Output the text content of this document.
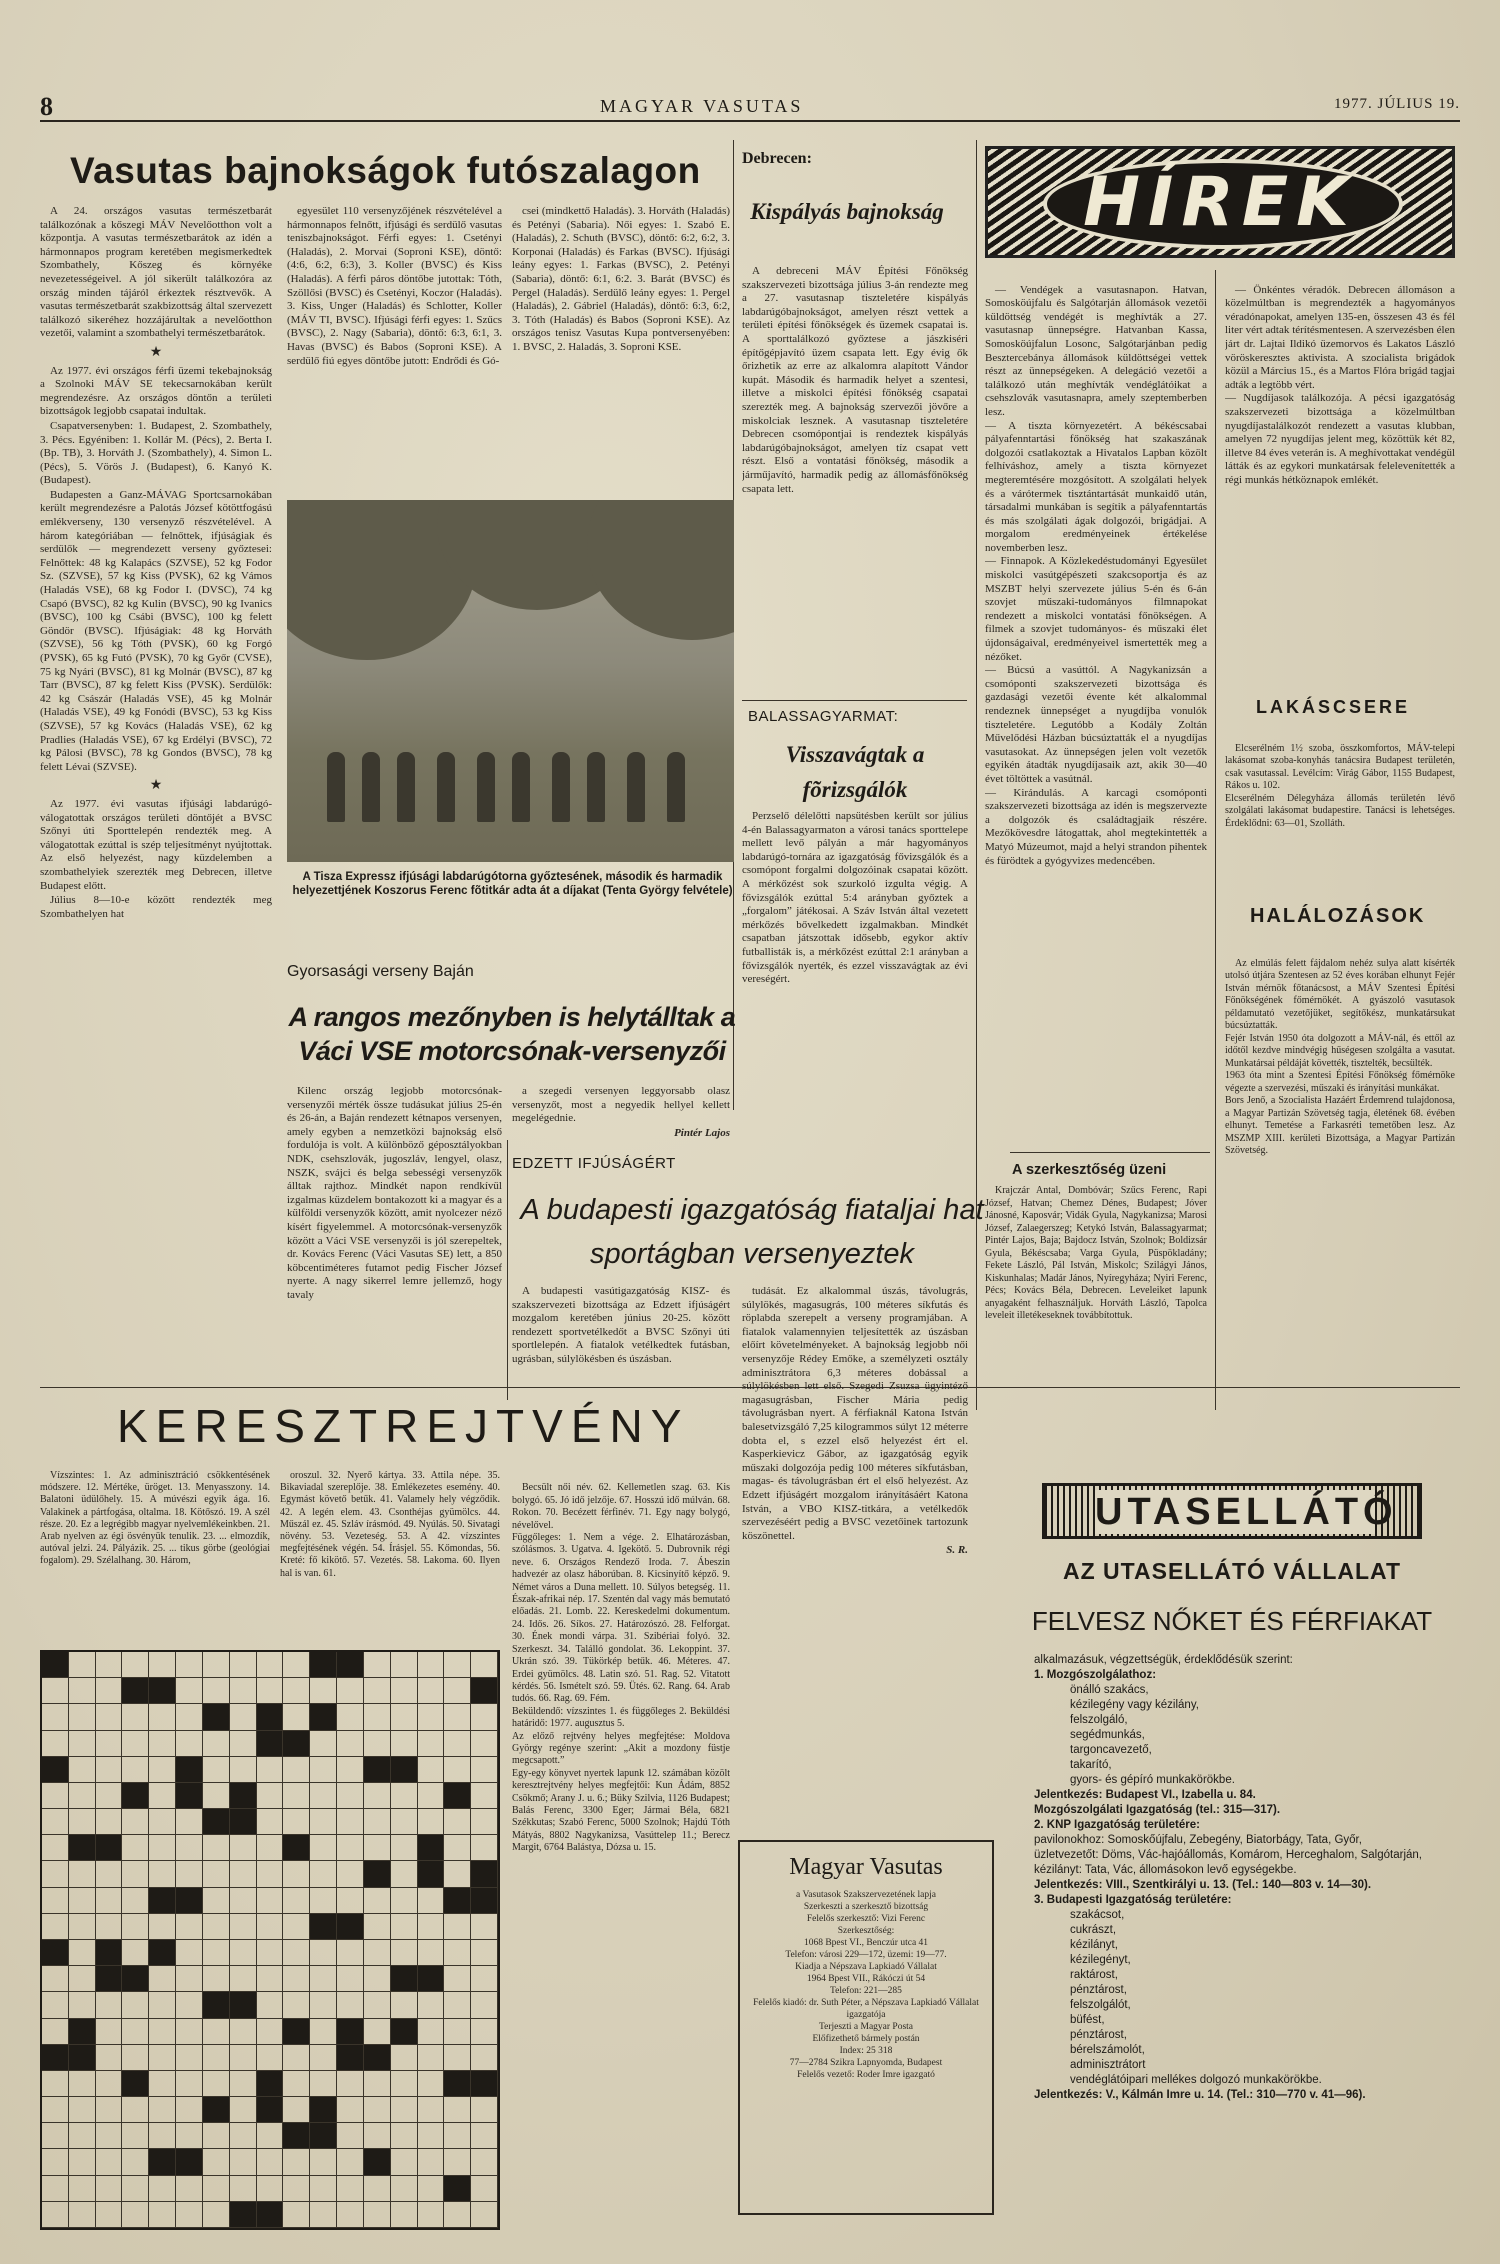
8	MAGYAR VASUTAS	1977. JÚLIUS 19.
Vasutas bajnokságok futószalagon

A 24. országos vasutas természetbarát találkozónak a kőszegi MÁV Nevelőotthon volt a központja. A vasutas természetbarátok az idén a hármonnapos program keretében megismerkedtek Szombathely, Kőszeg és környéke nevezetességeivel. A jól sikerült találkozóra az ország minden tájáról érkeztek résztvevők. A vasutas természetbarát szakbizottság által szervezett találkozó sikeréhez hozzájárultak a nevelőotthon vezetői, valamint a szombathelyi természetbarátok.

★

Az 1977. évi országos férfi üzemi tekebajnokság a Szolnoki MÁV SE tekecsarnokában került megrendezésre. Az országos döntőn a területi bizottságok legjobb csapatai indultak.

Csapatversenyben: 1. Budapest, 2. Szombathely, 3. Pécs. Egyéniben: 1. Kollár M. (Pécs), 2. Berta I. (Bp. TB), 3. Horváth J. (Szombathely), 4. Simon L. (Pécs), 5. Vörös J. (Budapest), 6. Kanyó K. (Budapest).

Budapesten a Ganz-MÁVAG Sportcsarnokában került megrendezésre a Palotás József kötöttfogású emlékverseny, 130 versenyző részvételével. A három kategóriában — felnőttek, ifjúságiak és serdülők — megrendezett verseny győztesei: Felnőttek: 48 kg Kalapács (SZVSE), 52 kg Fodor Sz. (SZVSE), 57 kg Kiss (PVSK), 62 kg Vámos (Haladás VSE), 68 kg Fodor I. (DVSC), 74 kg Csapó (BVSC), 82 kg Kulin (BVSC), 90 kg Ivanics (BVSC), 100 kg Csábi (BVSC), 100 kg felett Göndör (BVSC). Ifjúságiak: 48 kg Horváth (SZVSE), 56 kg Tóth (PVSK), 60 kg Forgó (PVSK), 65 kg Futó (PVSK), 70 kg Győr (CVSE), 75 kg Nyári (BVSC), 81 kg Molnár (BVSC), 87 kg Tarr (BVSC), 87 kg felett Kiss (PVSK). Serdülők: 42 kg Császár (Haladás VSE), 45 kg Molnár (Haladás VSE), 49 kg Fonódi (BVSC), 53 kg Kiss (SZVSE), 57 kg Kovács (Haladás VSE), 62 kg Pradlies (Haladás VSE), 67 kg Erdélyi (BVSC), 72 kg Pálosi (BVSC), 78 kg Gondos (BVSC), 78 kg felett Lévai (SZVSE).

★

Az 1977. évi vasutas ifjúsági labdarúgó-válogatottak országos területi döntőjét a BVSC Szőnyi úti Sporttelepén rendezték meg. A válogatottak ezúttal is szép teljesítményt nyújtottak. Az első helyezést, nagy küzdelemben a szombathelyiek szerezték meg Debrecen, illetve Budapest előtt.

Július 8—10-e között rendezték meg Szombathelyen hat

egyesület 110 versenyzőjének részvételével a hármonnapos felnőtt, ifjúsági és serdülő vasutas teniszbajnokságot. Férfi egyes: 1. Csetényi (Haladás), 2. Morvai (Soproni KSE), döntő: (4:6, 6:2, 6:3), 3. Koller (BVSC) és Kiss (Haladás). A férfi páros döntőbe jutottak: Tóth, Szöllősi (BVSC) és Csetényi, Koczor (Haladás). 3. Kiss, Unger (Haladás) és Schlotter, Koller (MÁV TI, BVSC). Ifjúsági férfi egyes: 1. Szűcs (BVSC), 2. Nagy (Sabaria), döntő: 6:3, 6:1, 3. Havas (BVSC) és Babos (Soproni KSE). A serdülő fiú egyes döntőbe jutott: Endrődi és Gó-

csei (mindkettő Haladás). 3. Horváth (Haladás) és Petényi (Sabaria). Női egyes: 1. Szabó E. (Haladás), 2. Schuth (BVSC), döntő: 6:2, 6:2, 3. Korponai (Haladás) és Farkas (BVSC). Ifjúsági leány egyes: 1. Farkas (BVSC), 2. Petényi (Sabaria), döntő: 6:1, 6:2. 3. Barát (BVSC) és Pergel (Haladás). Serdülő leány egyes: 1. Pergel (Haladás), 2. Gábriel (Haladás), döntő: 6:3, 6:2, 3. Tóth (Haladás) és Babos (Soproni KSE). Az országos tenisz Vasutas Kupa pontversenyében: 1. BVSC, 2. Haladás, 3. Soproni KSE.

A Tisza Expressz ifjúsági labdarúgótorna győztesének, második és harmadik helyezettjének Koszorus Ferenc fõtitkár adta át a díjakat (Tenta György felvétele)
Gyorsasági verseny Baján
A rangos mezőnyben is helytálltak a Váci VSE motorcsónak-versenyzői

Kilenc ország legjobb motorcsónak-versenyzői mérték össze tudásukat július 25-én és 26-án, a Baján rendezett kétnapos versenyen, amely egyben a nemzetközi bajnokság első fordulója is volt. A különböző géposztályokban NDK, csehszlovák, jugoszláv, lengyel, olasz, NSZK, svájci és belga sebességi versenyzők álltak rajthoz. Mindkét napon rendkívül izgalmas küzdelem bontakozott ki a magyar és a külföldi versenyzők között, amit nyolcezer néző kísért figyelemmel. A motorcsónak-versenyzők között a Váci VSE versenyzői is jól szerepeltek, dr. Kovács Ferenc (Váci Vasutas SE) lett, a 850 köbcentiméteres futamot pedig Fischer József nyerte. A nagy sikerrel lemre jellemző, hogy tavaly

a szegedi versenyen leggyorsabb olasz versenyzőt, most a negyedik hellyel kellett megelégednie.

Pintér Lajos
EDZETT IFJÚSÁGÉRT
A budapesti igazgatóság fiataljai hat sportágban versenyeztek

A budapesti vasútigazgatóság KISZ- és szakszervezeti bizottsága az Edzett ifjúságért mozgalom keretében június 20-25. között rendezett sportvetélkedőt a BVSC Szőnyi úti sportlelepén. A fiatalok vetélkedtek futásban, ugrásban, súlylökésben és úszásban.

tudását. Ez alkalommal úszás, távolugrás, súlylökés, magasugrás, 100 méteres síkfutás és röplabda szerepelt a verseny programjában. A fiatalok valamennyien teljesítették az úszásban előírt követelményeket. A bajnokság legjobb női versenyzője Rédey Emőke, a személyzeti osztály adminisztrátora 6,3 méteres dobással a súlylökésben lett első. Szegedi Zsuzsa ügyintéző magasugrásban, Fischer Mária pedig távolugrásban nyert. A férfiaknál Katona István balesetvizsgáló 7,25 kilogrammos súlyt 12 méterre dobta el, s ezzel első helyezést ért el. Kasperkievicz Gábor, az igazgatóság egyik műszaki dolgozója pedig 100 méteres síkfutásban, magas- és távolugrásban ért el első helyezést. Az Edzett ifjúságért mozgalom irányításáért Katona István, a VBO KISZ-titkára, a vetélkedők szervezéséért pedig a BVSC vezetőinek tartozunk köszönettel.

S. R.
Debrecen:
Kispályás bajnokság

A debreceni MÁV Építési Főnökség szakszervezeti bizottsága július 3-án rendezte meg a 27. vasutasnap tiszteletére kispályás labdarúgóbajnokságot, amelyen részt vettek a területi építési főnökségek és üzemek csapatai is. A sporttalálkozó győztese a jászkiséri építőgépjavító üzem csapata lett. Egy évig ők őrizhetik az erre az alkalomra alapított Vándor kupát. Második és harmadik helyet a szentesi, illetve a miskolci építési főnökség csapatai szerezték meg. A bajnokság szervezői jövőre a miskolciak lesznek. A vasutasnap tiszteletére Debrecen csomópontjai is rendeztek kispályás labdarúgóbajnokságot, amelyen tíz csapat vett részt. Első a vontatási főnökség, második a járműjavító, harmadik pedig az állomásfőnökség csapata lett.

BALASSAGYARMAT:
Visszavágtak a fõrizsgálók

Perzselő délelőtti napsütésben került sor július 4-én Balassagyarmaton a városi tanács sporttelepe mellett levő pályán a már hagyományos labdarúgó-tornára az igazgatóság fővizsgálók és a csomópont forgalmi dolgozóinak csapatai között. A mérkőzést sok szurkoló izgulta végig. A fővizsgálók ezúttal 5:4 arányban győztek a „forgalom” játékosai. A Száv István által vezetett mérkőzés bővelkedett izgalmakban. Mindkét csapatban játszottak idősebb, egykor aktív futballisták is, a mérkőzést ezúttal 2:1 arányban a fővizsgálók nyerték, és ezzel visszavágtak az évi vereségért.

HÍREK

— Vendégek a vasutasnapon. Hatvan, Somosköújfalu és Salgótarján állomások vezetői küldöttség vendégét is meghívták a 27. vasutasnap ünnepségre. Hatvanban Kassa, Somosköújfalun Losonc, Salgótarjánban pedig Besztercebánya állomások küldöttségei vettek részt az ünnepségeken. A delegáció vezetői a találkozó után meghívták vendéglátóikat a csehszlovák vasutasnapra, amely szeptemberben lesz.
— A tiszta környezetért. A békéscsabai pályafenntartási főnökség hat szakaszának dolgozói csatlakoztak a Hivatalos Lapban közölt felhíváshoz, amely a tiszta környezet megteremtésére mozgósított. A szolgálati helyek és a várótermek tisztántartását munkaidő után, társadalmi munkában is segítik a pályafenntartás és más szolgálati ágak dolgozói, brigádjai. A morgalom eredményeinek értékelése novemberben lesz.
— Finnapok. A Közlekedéstudományi Egyesület miskolci vasútgépészeti szakcsoportja és az MSZBT helyi szervezete július 5-én és 6-án szovjet műszaki-tudományos filmnapokat rendezett a miskolci vontatási főnökségen. A filmek a szovjet tudományos- és műszaki élet újdonságaival, eredményeivel ismertették meg a nézőket.
— Búcsú a vasúttól. A Nagykanizsán a csomóponti szakszervezeti bizottsága és gazdasági vezetői évente két alkalommal rendeznek ünnepséget a nyugdíjba vonulók tiszteletére. Legutóbb a Kodály Zoltán Művelődési Házban búcsúztatták el a nyugdíjas vasutasokat. Az ünnepségen jelen volt vezetők egyikén átadták nyugdíjasaik azt, akik 30—40 évet töltöttek a vasútnál.
— Kirándulás. A karcagi csomóponti szakszervezeti bizottsága az idén is megszervezte a dolgozók és családtagjaik részére. Mezőkövesdre látogattak, ahol megtekintették a Matyó Múzeumot, majd a helyi strandon pihentek és fürödtek a gyógyvizes medencében.

— Önkéntes véradók. Debrecen állomáson a közelmúltban is megrendezték a hagyományos véradónapokat, amelyen 135-en, összesen 43 és fél liter vért adtak térítésmentesen. A szervezésben élen járt dr. Lajtai Ildikó üzemorvos és Lakatos László vöröskeresztes aktivista. A szocialista brigádok közül a Március 15., és a Martos Flóra brigád tagjai adták a legtöbb vért.
— Nugdíjasok találkozója. A pécsi igazgatóság szakszervezeti bizottsága a közelmúltban nyugdíjastalálkozót rendezett a vasutas klubban, amelyen 72 nyugdíjas jelent meg, közöttük két 82, illetve 84 éves veterán is. A meghívottakat vendégül látták és az egykori munkatársak felelevenítették a régi munkás hétköznapok emlékét.

LAKÁSCSERE

Elcserélném 1½ szoba, összkomfortos, MÁV-telepi lakásomat szoba-konyhás tanácsira Budapest területén, csak vasutassal. Levélcím: Virág Gábor, 1155 Budapest, Rákos u. 102.
Elcserélném Délegyháza állomás területén lévő szolgálati lakásomat budapestire. Tanácsi is lehetséges. Érdeklődni: 63—01, Szolláth.

HALÁLOZÁSOK

Az elmúlás felett fájdalom nehéz sulya alatt kísérték utolsó útjára Szentesen az 52 éves korában elhunyt Fejér István mérnök főtanácsost, a MÁV Szentesi Építési Főnökségének főmérnökét. A gyászoló vasutasok példamutató vezetőjüket, segítőkész, munkatársukat búcsúztatták.
Fejér István 1950 óta dolgozott a MÁV-nál, és ettől az időtől kezdve mindvégig hűségesen szolgálta a vasutat. Munkatársai példáját követték, tisztelték, becsülték.
1963 óta mint a Szentesi Építési Főnökség főmérnöke végezte a szervezési, műszaki és irányítási munkákat.
Bors Jenő, a Szocialista Hazáért Érdemrend tulajdonosa, a Magyar Partizán Szövetség tagja, életének 68. évében elhunyt. Temetése a Farkasréti temetőben lesz. Az MSZMP XIII. kerületi Bizottsága, a Magyar Partizán Szövetség.

A szerkesztőség üzeni

Krajczár Antal, Dombóvár; Szűcs Ferenc, Rapi József, Hatvan; Chemez Dénes, Budapest; Jóver Jánosné, Kaposvár; Vidák Gyula, Nagykanizsa; Marosi József, Zalaegerszeg; Ketykó István, Balassagyarmat; Pintér Lajos, Baja; Bajdocz István, Szolnok; Boldizsár Gyula, Békéscsaba; Varga Gyula, Püspökladány; Fekete László, Pál István, Miskolc; Szilágyi János, Kiskunhalas; Madár János, Nyíregyháza; Nyiri Ferenc, Pécs; Kovács Béla, Debrecen. Leveleiket lapunk anyagaként felhasználjuk. Horváth László, Tapolca leveleit illetékeseknek továbbítottuk.

KERESZTREJTVÉNY

Vízszintes: 1. Az adminisztráció csökkentésének módszere. 12. Mértéke, üröget. 13. Menyasszony. 14. Balatoni üdülőhely. 15. A múvészi egyik ága. 16. Valakinek a pártfogása, oltalma. 18. Kötőszó. 19. A szél része. 20. Ez a legrégibb magyar nyelvemlékeinkben. 21. Arab nyelven az égi ösvényük tenulik. 23. ... elmozdík, autóval jelzi. 24. Pályázik. 25. ... tikus görbe (geológiai fogalom). 29. Szélalhang. 30. Három,

oroszul. 32. Nyerő kártya. 33. Attila népe. 35. Bikaviadal szereplője. 38. Emlékezetes esemény. 40. Egymást követő betűk. 41. Valamely hely végződik. 42. A legén elem. 43. Csonthéjas gyümölcs. 44. Műszál ez. 45. Szláv írásmód. 49. Nyúlás. 50. Sivatagi növény. 53. Vezeteség. 53. A 42. vízszintes megfejtésének végén. 54. Írásjel. 55. Kőmondas, 56. Kreté: fő kikötő. 57. Vezetés. 58. Lakoma. 60. Ilyen hal is van. 61.

Becsült női név. 62. Kellemetlen szag. 63. Kis bolygó. 65. Jó idő jelzője. 67. Hosszú idő múlván. 68. Rokon. 70. Becézett férfinév. 71. Egy nagy bolygó, névelővel.
Függőleges: 1. Nem a vége. 2. Elhatározásban, szólásmos. 3. Ugatva. 4. Igekötő. 5. Dubrovnik régi neve. 6. Országos Rendező Iroda. 7. Ábeszin hadvezér az olasz háborúban. 8. Kicsinyítő képző. 9. Német város a Duna mellett. 10. Súlyos betegség. 11. Észak-afrikai nép. 17. Szentén dal vagy más bemutató előadás. 21. Lomb. 22. Kereskedelmi dokumentum. 24. Idős. 26. Síkos. 27. Határozószó. 28. Felforgat. 30. Ének mondi várpa. 31. Szibériai folyó. 32. Szerkeszt. 34. Találló gondolat. 36. Lekoppint. 37. Ukrán szó. 39. Tükörkép betűk. 46. Méteres. 47. Erdei gyümölcs. 48. Latin szó. 51. Rag. 52. Vitatott kérdés. 56. Ismételt szó. 59. Ütés. 62. Rang. 64. Arab tudós. 66. Rag. 69. Fém.
Beküldendő: vízszintes 1. és függőleges 2. Beküldési határidő: 1977. augusztus 5.
Az előző rejtvény helyes megfejtése: Moldova György regénye szerint: „Akit a mozdony füstje megcsapott.”
Egy-egy könyvet nyertek lapunk 12. számában közölt keresztrejtvény helyes megfejtői: Kun Ádám, 8852 Csökmő; Arany J. u. 6.; Büky Szilvia, 1126 Budapest; Balás Ferenc, 3300 Eger; Jármai Béla, 6821 Székkutas; Szabó Ferenc, 5000 Szolnok; Hajdú Tóth Mátyás, 8802 Nagykanizsa, Vasúttelep 11.; Berecz Margit, 6764 Balástya, Dózsa u. 15.

Magyar Vasutas
a Vasutasok Szakszervezetének lapja
Szerkeszti a szerkesztő bizottság
Felelős szerkesztő: Vizi Ferenc
Szerkesztőség:
1068 Bpest VI., Benczúr utca 41
Telefon: városi 229—172, üzemi: 19—77.
Kiadja a Népszava Lapkiadó Vállalat
1964 Bpest VII., Rákóczi út 54
Telefon: 221—285
Felelős kiadó: dr. Suth Péter, a Népszava Lapkiadó Vállalat igazgatója
Terjeszti a Magyar Posta
Előfizethető bármely postán
Index: 25 318
77—2784 Szikra Lapnyomda, Budapest
Felelős vezető: Roder Imre igazgató
UTASELLÁTÓ
AZ UTASELLÁTÓ VÁLLALAT
FELVESZ NŐKET ÉS FÉRFIAKAT
alkalmazásuk, végzettségük, érdeklődésük szerint:
1. Mozgószolgálathoz:
önálló szakács,
kézilegény vagy kézilány,
felszolgáló,
segédmunkás,
targoncavezető,
takarító,
gyors- és gépíró munkakörökbe.
Jelentkezés: Budapest VI., Izabella u. 84.
Mozgószolgálati Igazgatóság (tel.: 315—317).
2. KNP Igazgatóság területére:
pavilonokhoz: Somoskőújfalu, Zebegény, Biatorbágy, Tata, Győr,
üzletvezetőt: Döms, Vác-hajóállomás, Komárom, Herceghalom, Salgótarján,
kézilányt: Tata, Vác, állomásokon levő egységekbe.
Jelentkezés: VIII., Szentkirályi u. 13. (Tel.: 140—803 v. 14—30).
3. Budapesti Igazgatóság területére:
szakácsot,
cukrászt,
kézilányt,
kézilegényt,
raktárost,
pénztárost,
felszolgálót,
büfést,
pénztárost,
bérelszámolót,
adminisztrátort
vendéglátóipari mellékes dolgozó munkakörökbe.
Jelentkezés: V., Kálmán Imre u. 14. (Tel.: 310—770 v. 41—96).
